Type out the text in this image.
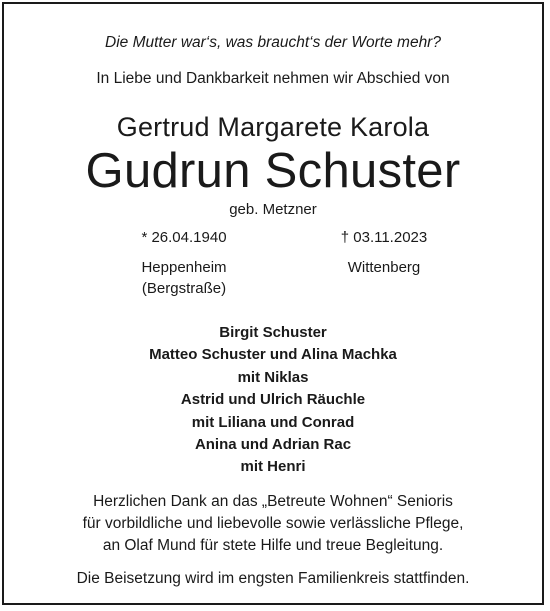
Die Mutter war‘s, was braucht‘s der Worte mehr?
In Liebe und Dankbarkeit nehmen wir Abschied von
Gertrud Margarete Karola
Gudrun Schuster
geb. Metzner
* 26.04.1940
Heppenheim
(Bergstraße)
† 03.11.2023
Wittenberg
Birgit Schuster
Matteo Schuster und Alina Machka
mit Niklas
Astrid und Ulrich Räuchle
mit Liliana und Conrad
Anina und Adrian Rac
mit Henri
Herzlichen Dank an das „Betreute Wohnen“ Senioris
für vorbildliche und liebevolle sowie verlässliche Pflege,
an Olaf Mund für stete Hilfe und treue Begleitung.
Die Beisetzung wird im engsten Familienkreis stattfinden.
